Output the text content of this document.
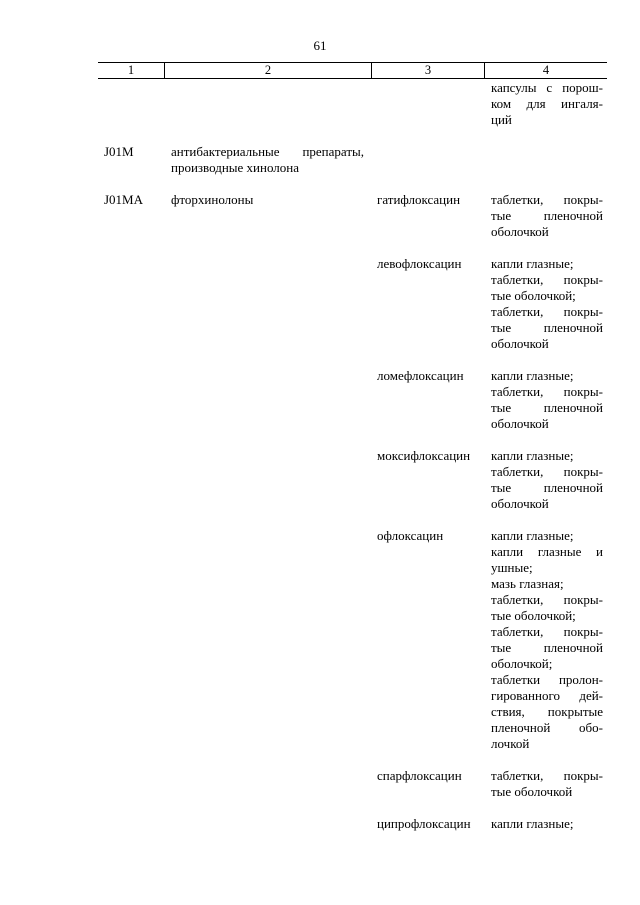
61
1	2	3	4
капсулы с порош-
ком для ингаля-
ций
J01M	антибактериальные препараты,
производные хинолона
J01MA фторхинолоны	гатифлоксацин таблетки, покры-
тые пленочной
оболочкой
левофлоксацин капли глазные;
таблетки, покры-
тые оболочкой;
таблетки, покры-
тые пленочной
оболочкой
ломефлоксацин капли глазные;
таблетки, покры-
тые пленочной
оболочкой
моксифлоксацин капли глазные;
таблетки, покры-
тые пленочной
оболочкой
офлоксацин	капли глазные;
капли глазные и
ушные;
мазь глазная;
таблетки, покры-
тые оболочкой;
таблетки, покры-
тые пленочной
оболочкой;
таблетки пролон-
гированного дей-
ствия, покрытые
пленочной обо-
лочкой
спарфлоксацин таблетки, покры-
тые оболочкой
ципрофлоксацин капли глазные;
